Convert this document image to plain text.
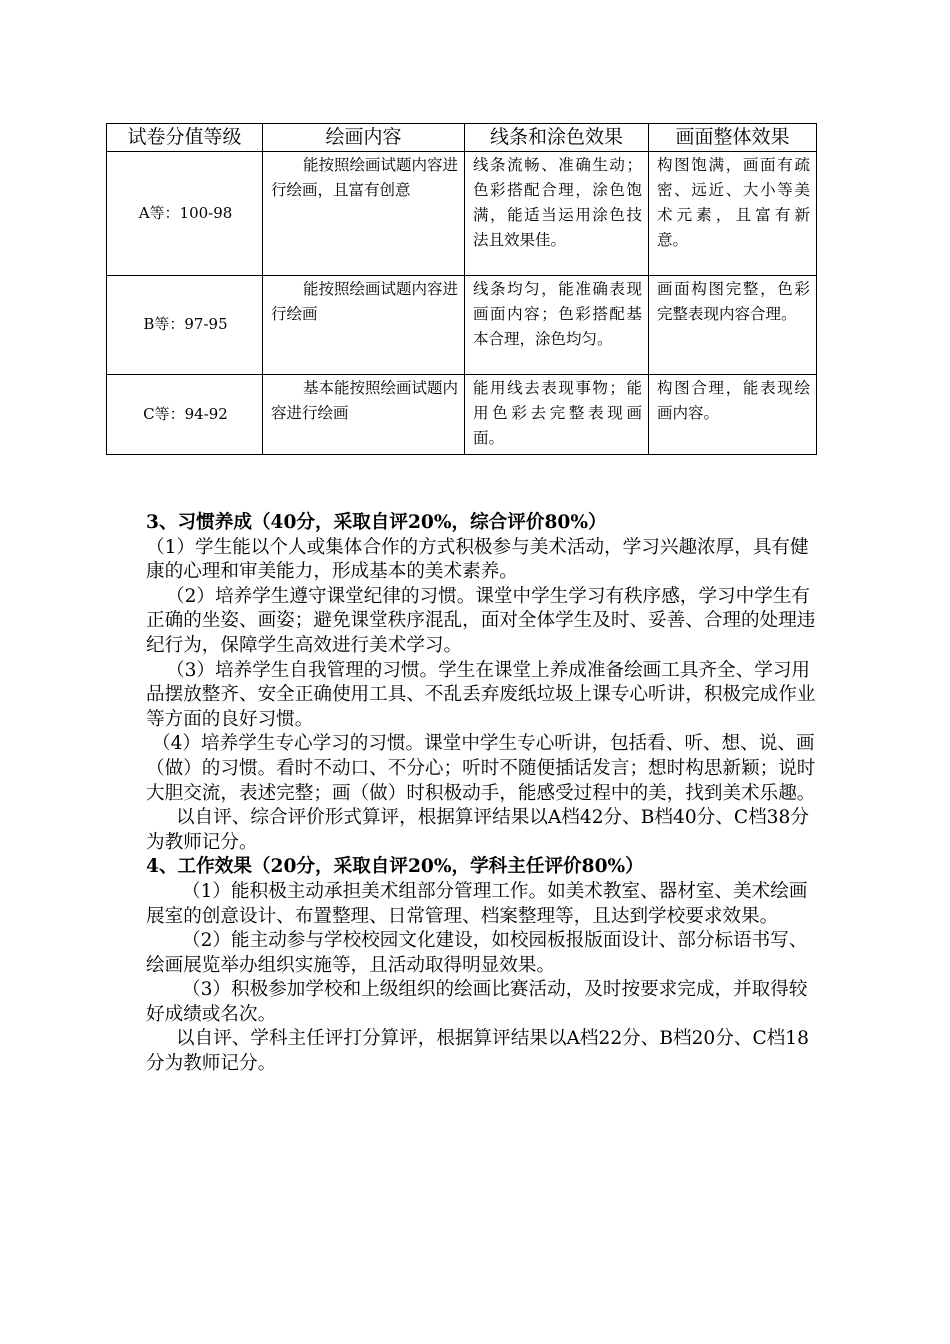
试卷分值等级	绘画内容	线条和涂色效果	画面整体效果
A等：100-98	能按照绘画试题内容进行绘画，且富有创意	线条流畅、准确生动；色彩搭配合理，涂色饱满，能适当运用涂色技法且效果佳。	构图饱满，画面有疏密、远近、大小等美术元素，且富有新意。
B等：97-95	能按照绘画试题内容进行绘画	线条均匀，能准确表现画面内容；色彩搭配基本合理，涂色均匀。	画面构图完整，色彩完整表现内容合理。
C等：94-92	基本能按照绘画试题内容进行绘画	能用线去表现事物；能用色彩去完整表现画面。	构图合理，能表现绘画内容。

3、习惯养成（40分，采取自评20%，综合评价80%）

（1）学生能以个人或集体合作的方式积极参与美术活动，学习兴趣浓厚，具有健康的心理和审美能力，形成基本的美术素养。

（2）培养学生遵守课堂纪律的习惯。课堂中学生学习有秩序感，学习中学生有正确的坐姿、画姿；避免课堂秩序混乱，面对全体学生及时、妥善、合理的处理违纪行为，保障学生高效进行美术学习。

（3）培养学生自我管理的习惯。学生在课堂上养成准备绘画工具齐全、学习用品摆放整齐、安全正确使用工具、不乱丢弃废纸垃圾上课专心听讲，积极完成作业等方面的良好习惯。

（4）培养学生专心学习的习惯。课堂中学生专心听讲，包括看、听、想、说、画（做）的习惯。看时不动口、不分心；听时不随便插话发言；想时构思新颖；说时大胆交流，表述完整；画（做）时积极动手，能感受过程中的美，找到美术乐趣。

以自评、综合评价形式算评，根据算评结果以A档42分、B档40分、C档38分为教师记分。

4、工作效果（20分，采取自评20%，学科主任评价80%）

（1）能积极主动承担美术组部分管理工作。如美术教室、器材室、美术绘画展室的创意设计、布置整理、日常管理、档案整理等，且达到学校要求效果。

（2）能主动参与学校校园文化建设，如校园板报版面设计、部分标语书写、绘画展览举办组织实施等，且活动取得明显效果。

（3）积极参加学校和上级组织的绘画比赛活动，及时按要求完成，并取得较好成绩或名次。

以自评、学科主任评打分算评，根据算评结果以A档22分、B档20分、C档18分为教师记分。
